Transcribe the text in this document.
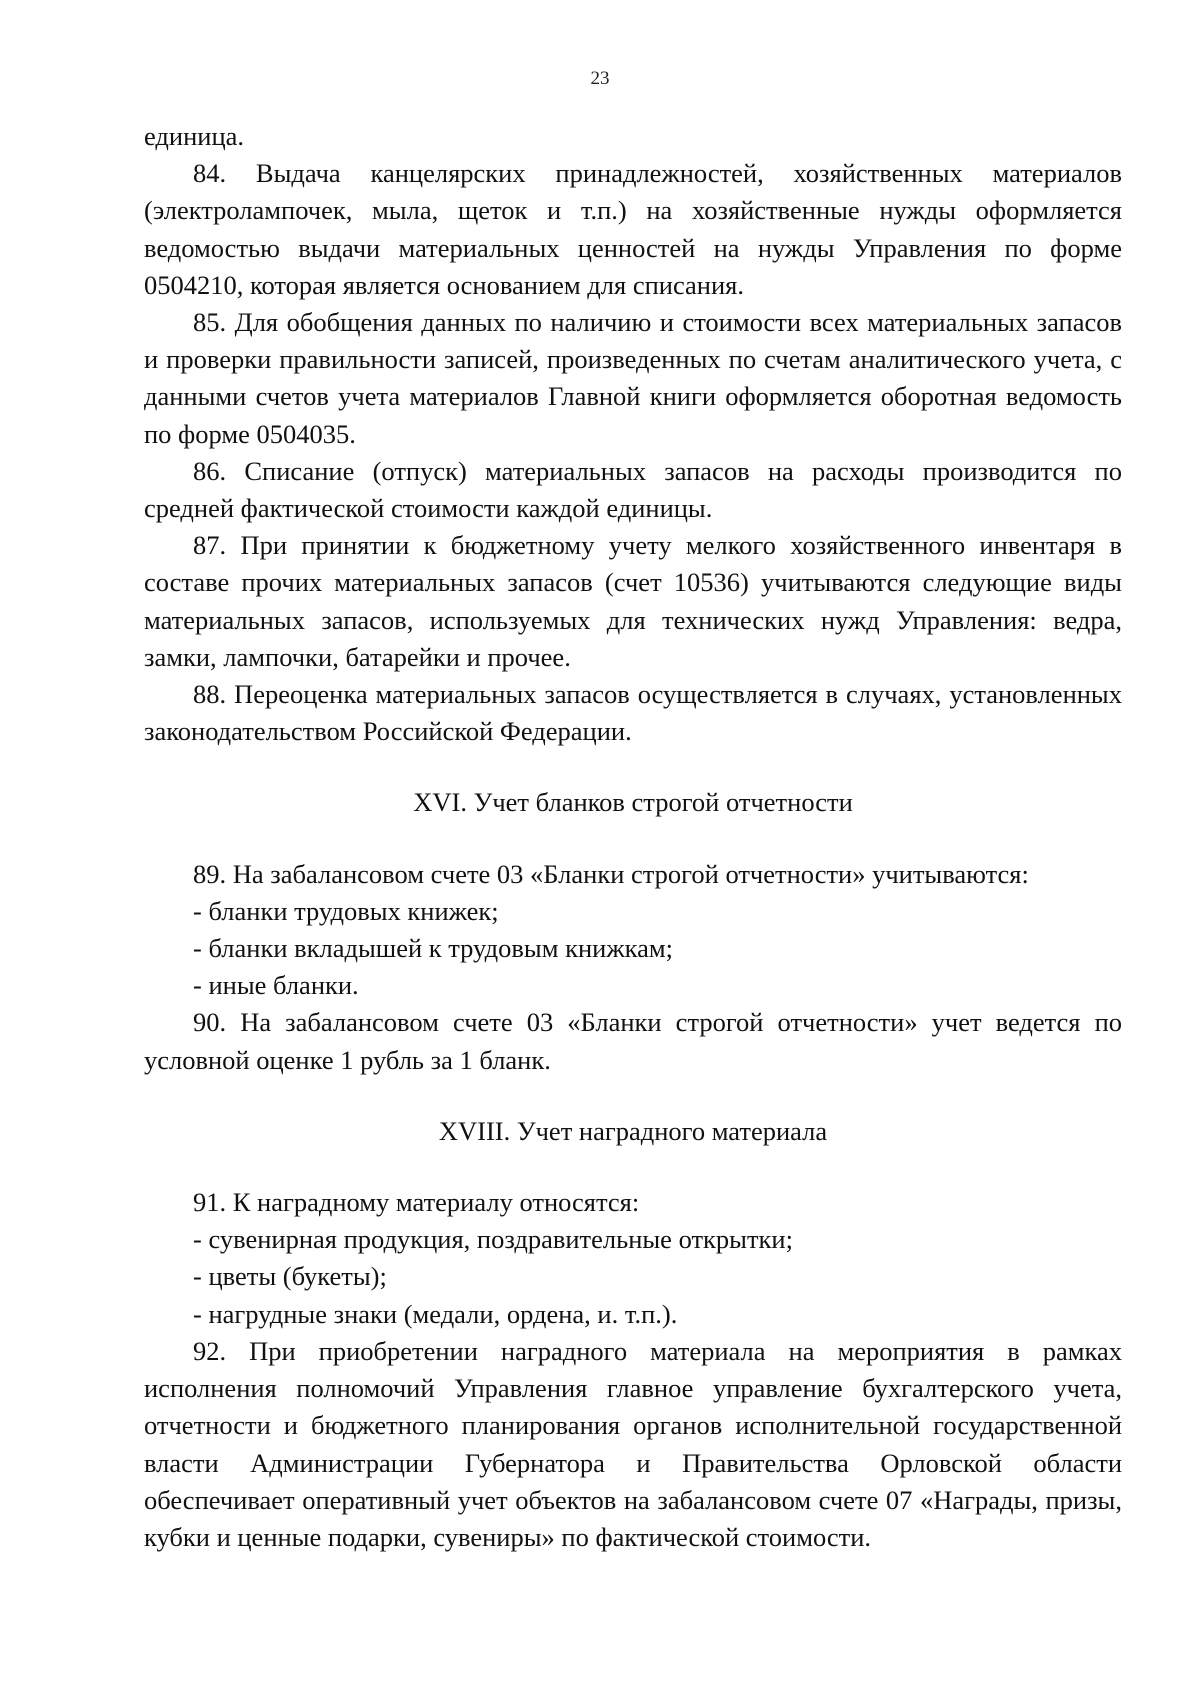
23

единица.

84. Выдача канцелярских принадлежностей, хозяйственных материалов (электролампочек, мыла, щеток и т.п.) на хозяйственные нужды оформляется ведомостью выдачи материальных ценностей на нужды Управления по форме 0504210, которая является основанием для списания.

85. Для обобщения данных по наличию и стоимости всех материальных запасов и проверки правильности записей, произведенных по счетам аналитического учета, с данными счетов учета материалов Главной книги оформляется оборотная ведомость по форме 0504035.

86. Списание (отпуск) материальных запасов на расходы производится по средней фактической стоимости каждой единицы.

87. При принятии к бюджетному учету мелкого хозяйственного инвентаря в составе прочих материальных запасов (счет 10536) учитываются следующие виды материальных запасов, используемых для технических нужд Управления: ведра, замки, лампочки, батарейки и прочее.

88. Переоценка материальных запасов осуществляется в случаях, установленных законодательством Российской Федерации.

XVI. Учет бланков строгой отчетности

89. На забалансовом счете 03 «Бланки строгой отчетности» учитываются:

- бланки трудовых книжек;

- бланки вкладышей к трудовым книжкам;

- иные бланки.

90. На забалансовом счете 03 «Бланки строгой отчетности» учет ведется по условной оценке 1 рубль за 1 бланк.

XVIII. Учет наградного материала

91. К наградному материалу относятся:

- сувенирная продукция, поздравительные открытки;

- цветы (букеты);

- нагрудные знаки (медали, ордена, и. т.п.).

92. При приобретении наградного материала на мероприятия в рамках исполнения полномочий Управления главное управление бухгалтерского учета, отчетности и бюджетного планирования органов исполнительной государственной власти Администрации Губернатора и Правительства Орловской области обеспечивает оперативный учет объектов на забалансовом счете 07 «Награды, призы, кубки и ценные подарки, сувениры» по фактической стоимости.
